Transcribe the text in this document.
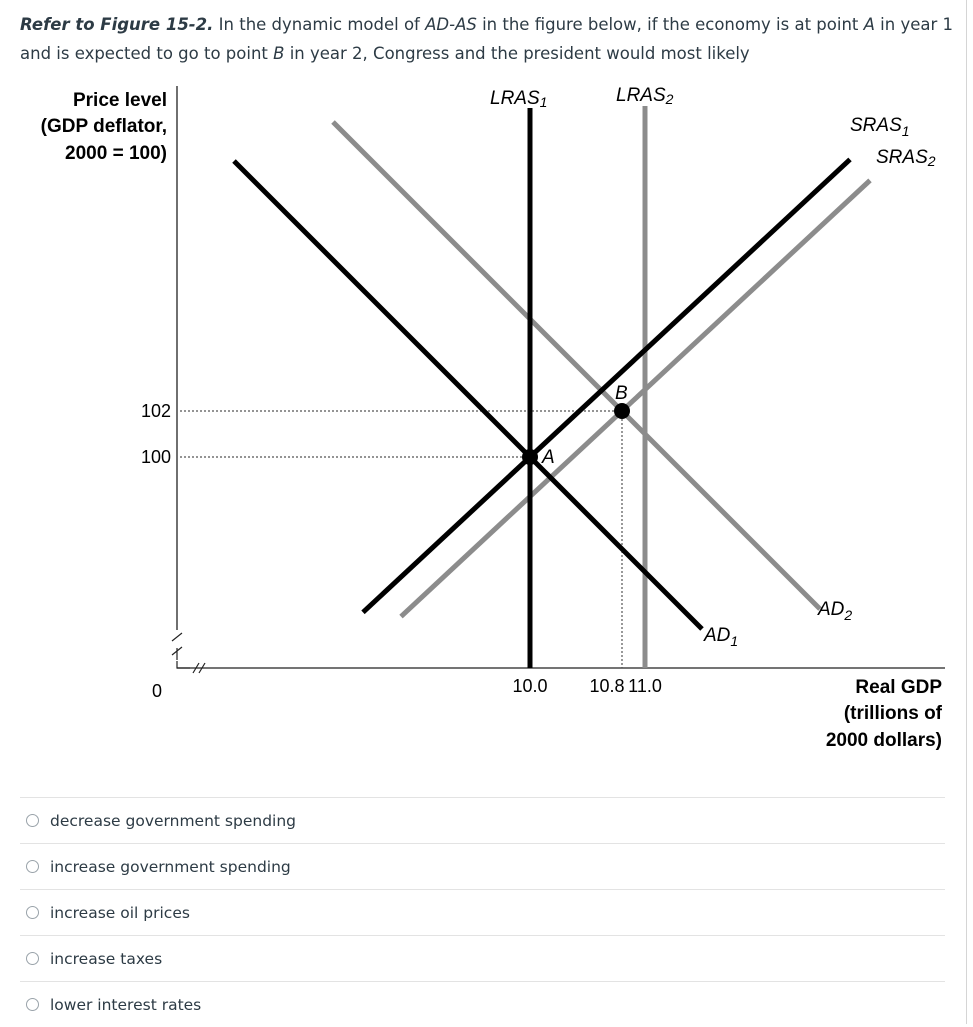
Refer to Figure 15-2. In the dynamic model of AD-AS in the figure below, if the economy is at point A in year 1 and is expected to go to point B in year 2, Congress and the president would most likely
Price level
(GDP deflator,
2000 = 100)
Real GDP
(trillions of
2000 dollars)
0
102
100
10.0 10.8 11.0
LRAS1	LRAS2
$SRAS_1$
SRAS2
$AD_1$
$AD_2$
A
B
decrease government spending
increase government spending
increase oil prices
increase taxes
lower interest rates
